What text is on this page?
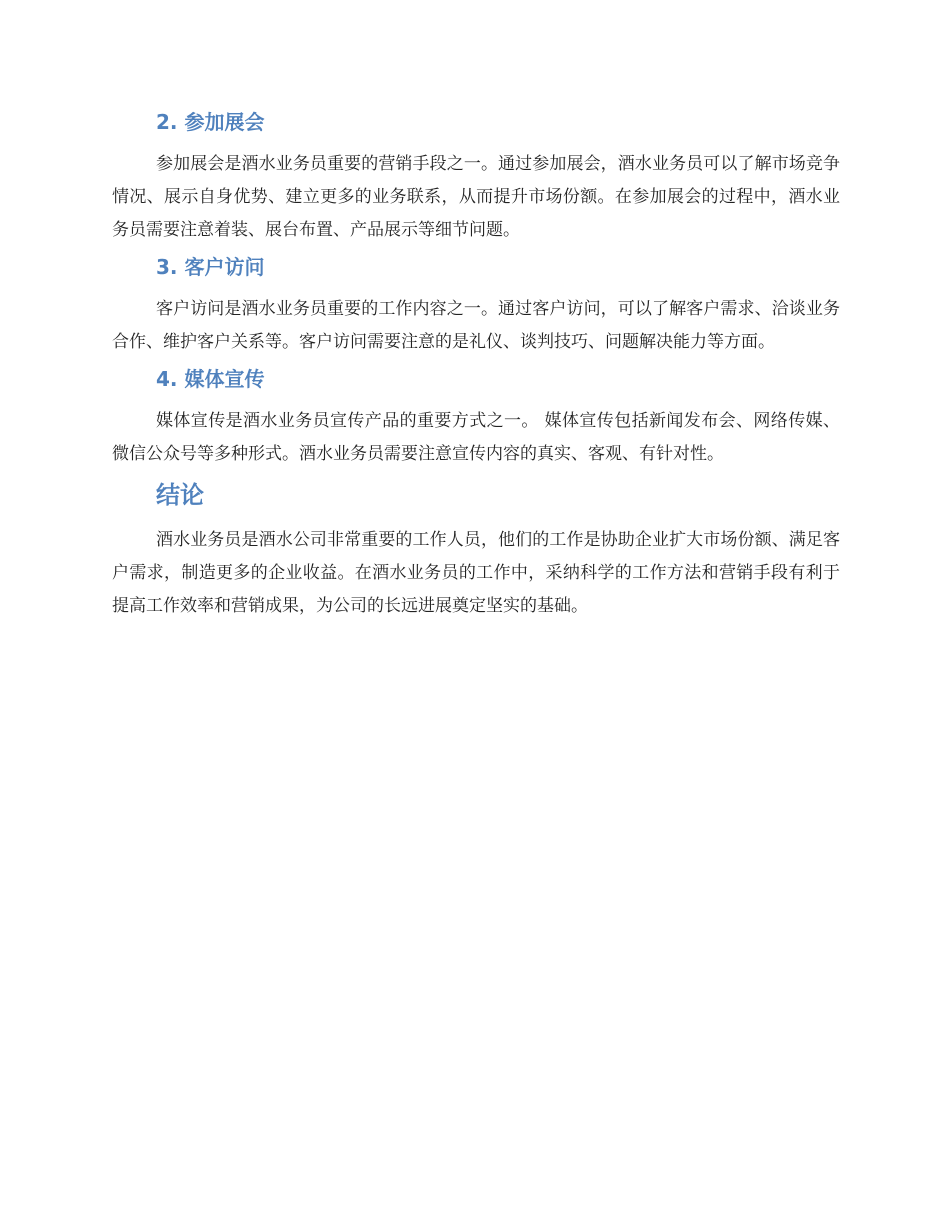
2. 参加展会

参加展会是酒水业务员重要的营销手段之一。通过参加展会，酒水业务员可以了解市场竞争情况、展示自身优势、建立更多的业务联系，从而提升市场份额。在参加展会的过程中，酒水业务员需要注意着装、展台布置、产品展示等细节问题。

3. 客户访问

客户访问是酒水业务员重要的工作内容之一。通过客户访问，可以了解客户需求、洽谈业务合作、维护客户关系等。客户访问需要注意的是礼仪、谈判技巧、问题解决能力等方面。

4. 媒体宣传

媒体宣传是酒水业务员宣传产品的重要方式之一。 媒体宣传包括新闻发布会、网络传媒、微信公众号等多种形式。酒水业务员需要注意宣传内容的真实、客观、有针对性。

结论

酒水业务员是酒水公司非常重要的工作人员，他们的工作是协助企业扩大市场份额、满足客户需求，制造更多的企业收益。在酒水业务员的工作中，采纳科学的工作方法和营销手段有利于提高工作效率和营销成果，为公司的长远进展奠定坚实的基础。
